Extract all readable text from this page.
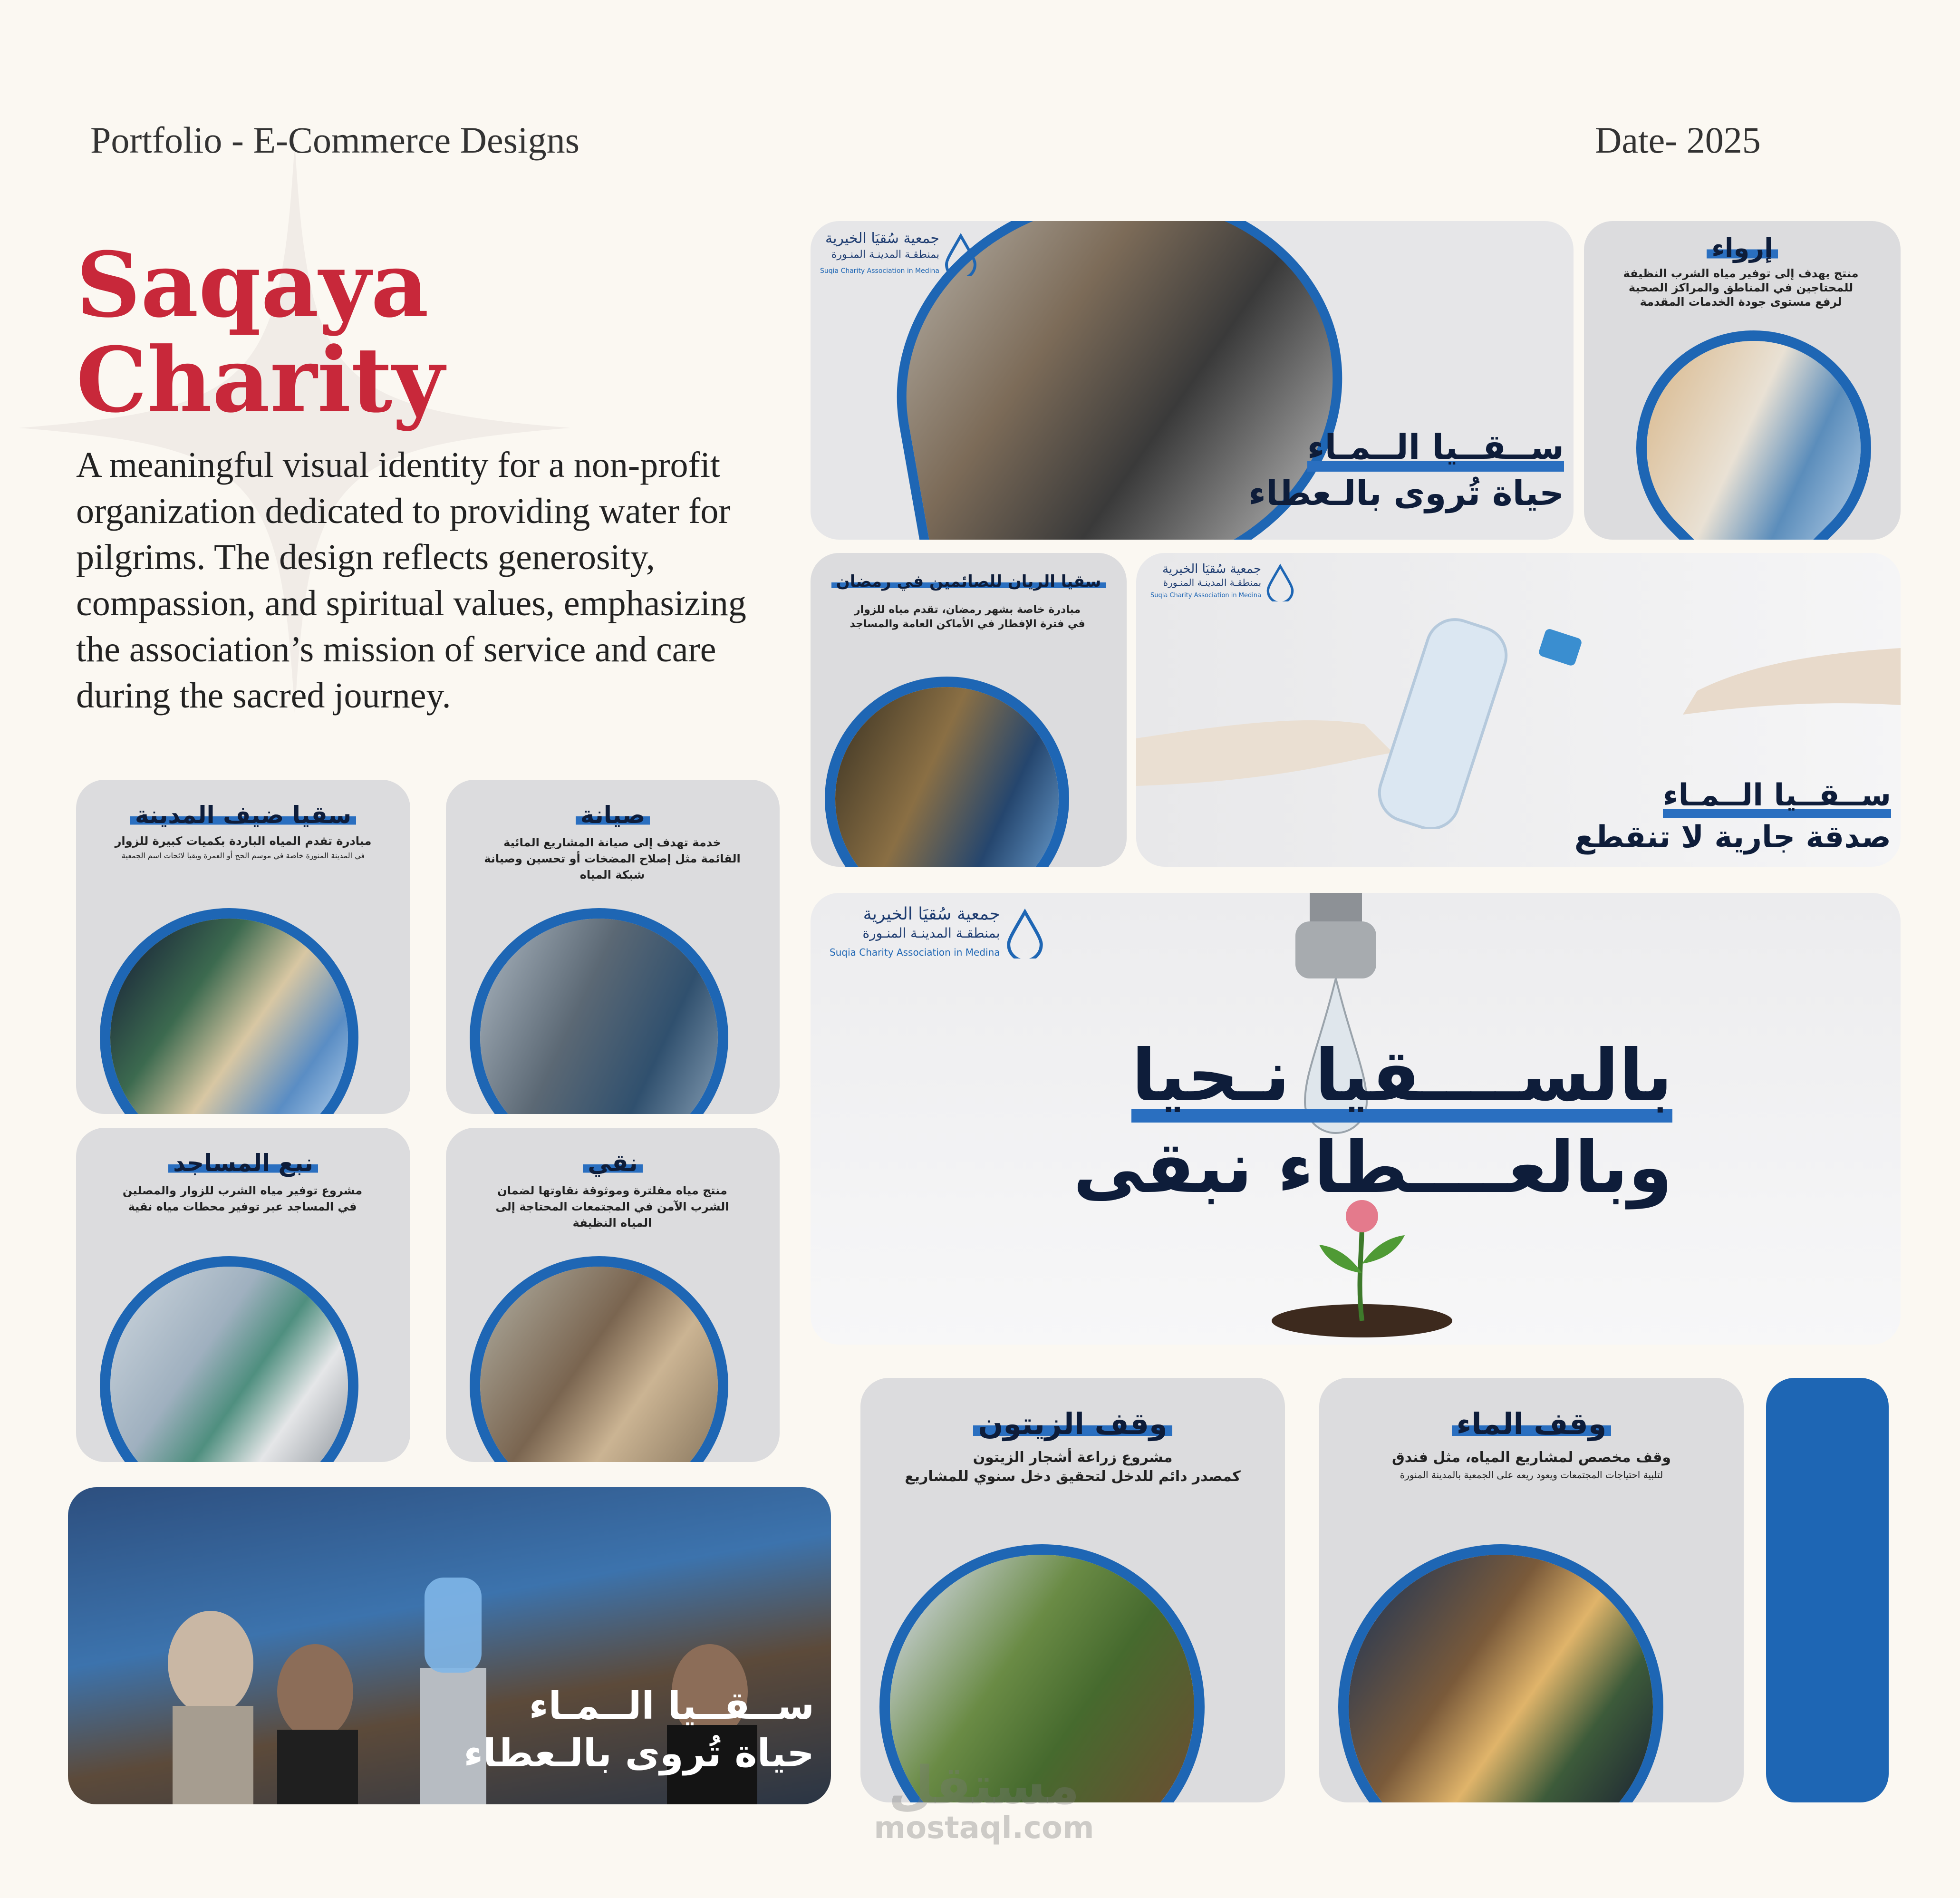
Portfolio - E-Commerce Designs	Date- 2025
Saqaya
Charity
A meaningful visual identity for a non-profit organization dedicated to providing water for pilgrims. The design reflects generosity, compassion, and spiritual values, emphasizing the association’s mission of service and care during the sacred journey.
جمعية سُقيَا الخيرية
بمنطقـة المدينـة المنـورة
Suqia Charity Association in Medina
ســقــيا الــمـاء
حياة تُروى بالـعطاء
إرواء
منتج يهدف إلى توفير مياه الشرب النظيفة للمحتاجين في المناطق والمراكز الصحية لرفع مستوى جودة الخدمات المقدمة
سقيا الريان للصائمين في رمضان
مبادرة خاصة بشهر رمضان، تقدم مياه للزوار في فترة الإفطار في الأماكن العامة والمساجد
جمعية سُقيَا الخيرية
بمنطقـة المدينـة المنـورة
Suqia Charity Association in Medina
ســقــيا الــمـاء
صدقة جارية لا تنقطع
سقيا ضيف المدينة
مبادرة تقدم المياه الباردة بكميات كبيرة للزوار
في المدينة المنورة خاصة في موسم الحج أو العمرة ويقيا لائحات اسم الجمعية
صيانة
خدمة تهدف إلى صيانة المشاريع المائية القائمة مثل إصلاح المضخات أو تحسين وصيانة شبكة المياه
جمعية سُقيَا الخيرية
بمنطقـة المدينـة المنـورة
Suqia Charity Association in Medina
بالســــقيا نـحيا
وبالعــــطاء نبقى
نبع المساجد
مشروع توفير مياه الشرب للزوار والمصلين في المساجد عبر توفير محطات مياه نقية
نقي
منتج مياه مفلترة وموثوقة نقاوتها لضمان الشرب الآمن في المجتمعات المحتاجة إلى المياه النظيفة
ســقــيا الــمـاء
حياة تُروى بالـعطاء
وقف الزيتون
مشروع زراعة أشجار الزيتون
كمصدر دائم للدخل لتحقيق دخل سنوي للمشاريع
وقف الماء
وقف مخصص لمشاريع المياه، مثل فندق
لتلبية احتياجات المجتمعات ويعود ريعه على الجمعية بالمدينة المنورة
مستقل
mostaql.com
